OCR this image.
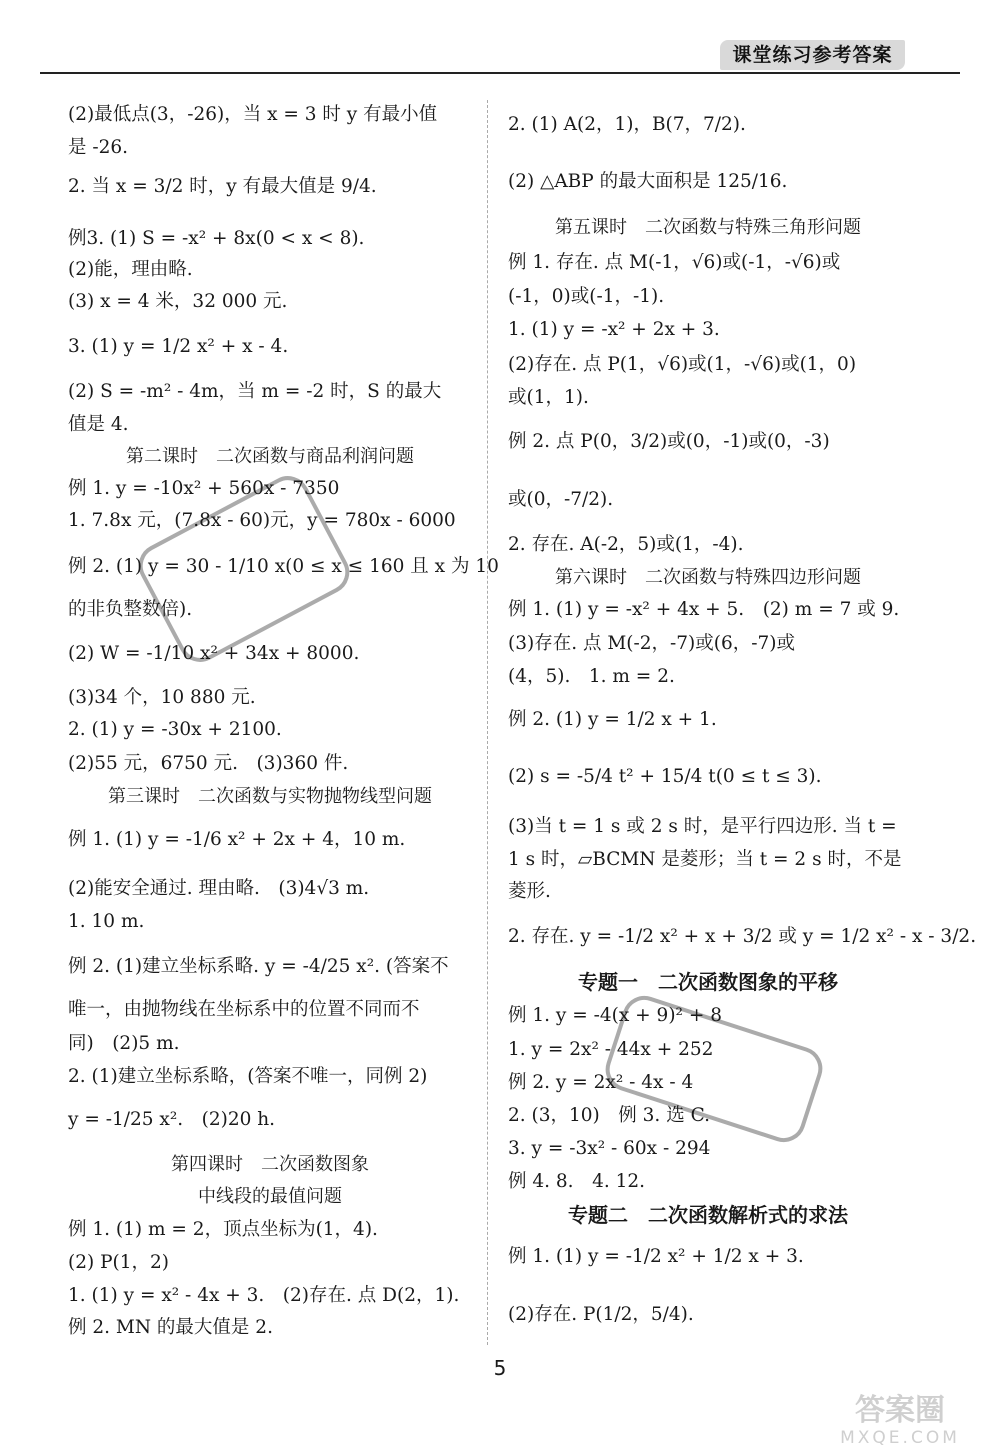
课堂练习参考答案
(2)最低点(3，-26)，当 x = 3 时 y 有最小值
是 -26.
2. 当 x = 3/2 时，y 有最大值是 9/4.
例3. (1) S = -x² + 8x(0 < x < 8).
(2)能，理由略.
(3) x = 4 米，32 000 元.
3. (1) y = 1/2 x² + x - 4.
(2) S = -m² - 4m，当 m = -2 时，S 的最大
值是 4.
第二课时　二次函数与商品利润问题
例 1. y = -10x² + 560x - 7350
1. 7.8x 元，(7.8x - 60)元，y = 780x - 6000
例 2. (1) y = 30 - 1/10 x(0 ≤ x ≤ 160 且 x 为 10
的非负整数倍).
(2) W = -1/10 x² + 34x + 8000.
(3)34 个，10 880 元.
2. (1) y = -30x + 2100.
(2)55 元，6750 元.　(3)360 件.
第三课时　二次函数与实物抛物线型问题
例 1. (1) y = -1/6 x² + 2x + 4，10 m.
(2)能安全通过. 理由略.　(3)4√3 m.
1. 10 m.
例 2. (1)建立坐标系略. y = -4/25 x². (答案不
唯一，由抛物线在坐标系中的位置不同而不
同)　(2)5 m.
2. (1)建立坐标系略，(答案不唯一，同例 2)
y = -1/25 x².　(2)20 h.
第四课时　二次函数图象
中线段的最值问题
例 1. (1) m = 2，顶点坐标为(1，4).
(2) P(1，2)
1. (1) y = x² - 4x + 3.　(2)存在. 点 D(2，1).
例 2. MN 的最大值是 2.
2. (1) A(2，1)，B(7，7/2).
(2) △ABP 的最大面积是 125/16.
第五课时　二次函数与特殊三角形问题
例 1. 存在. 点 M(-1，√6)或(-1，-√6)或
(-1，0)或(-1，-1).
1. (1) y = -x² + 2x + 3.
(2)存在. 点 P(1，√6)或(1，-√6)或(1，0)
或(1，1).
例 2. 点 P(0，3/2)或(0，-1)或(0，-3)
或(0，-7/2).
2. 存在. A(-2，5)或(1，-4).
第六课时　二次函数与特殊四边形问题
例 1. (1) y = -x² + 4x + 5.　(2) m = 7 或 9.
(3)存在. 点 M(-2，-7)或(6，-7)或
(4，5).　1. m = 2.
例 2. (1) y = 1/2 x + 1.
(2) s = -5/4 t² + 15/4 t(0 ≤ t ≤ 3).
(3)当 t = 1 s 或 2 s 时，是平行四边形. 当 t =
1 s 时，▱BCMN 是菱形；当 t = 2 s 时，不是
菱形.
2. 存在. y = -1/2 x² + x + 3/2 或 y = 1/2 x² - x - 3/2.
专题一　二次函数图象的平移
例 1. y = -4(x + 9)² + 8
1. y = 2x² - 44x + 252
例 2. y = 2x² - 4x - 4
2. (3，10)　例 3. 选 C.
3. y = -3x² - 60x - 294
例 4. 8.　4. 12.
专题二　二次函数解析式的求法
例 1. (1) y = -1/2 x² + 1/2 x + 3.
(2)存在. P(1/2，5/4).
5
答案圈
MXQE.COM
